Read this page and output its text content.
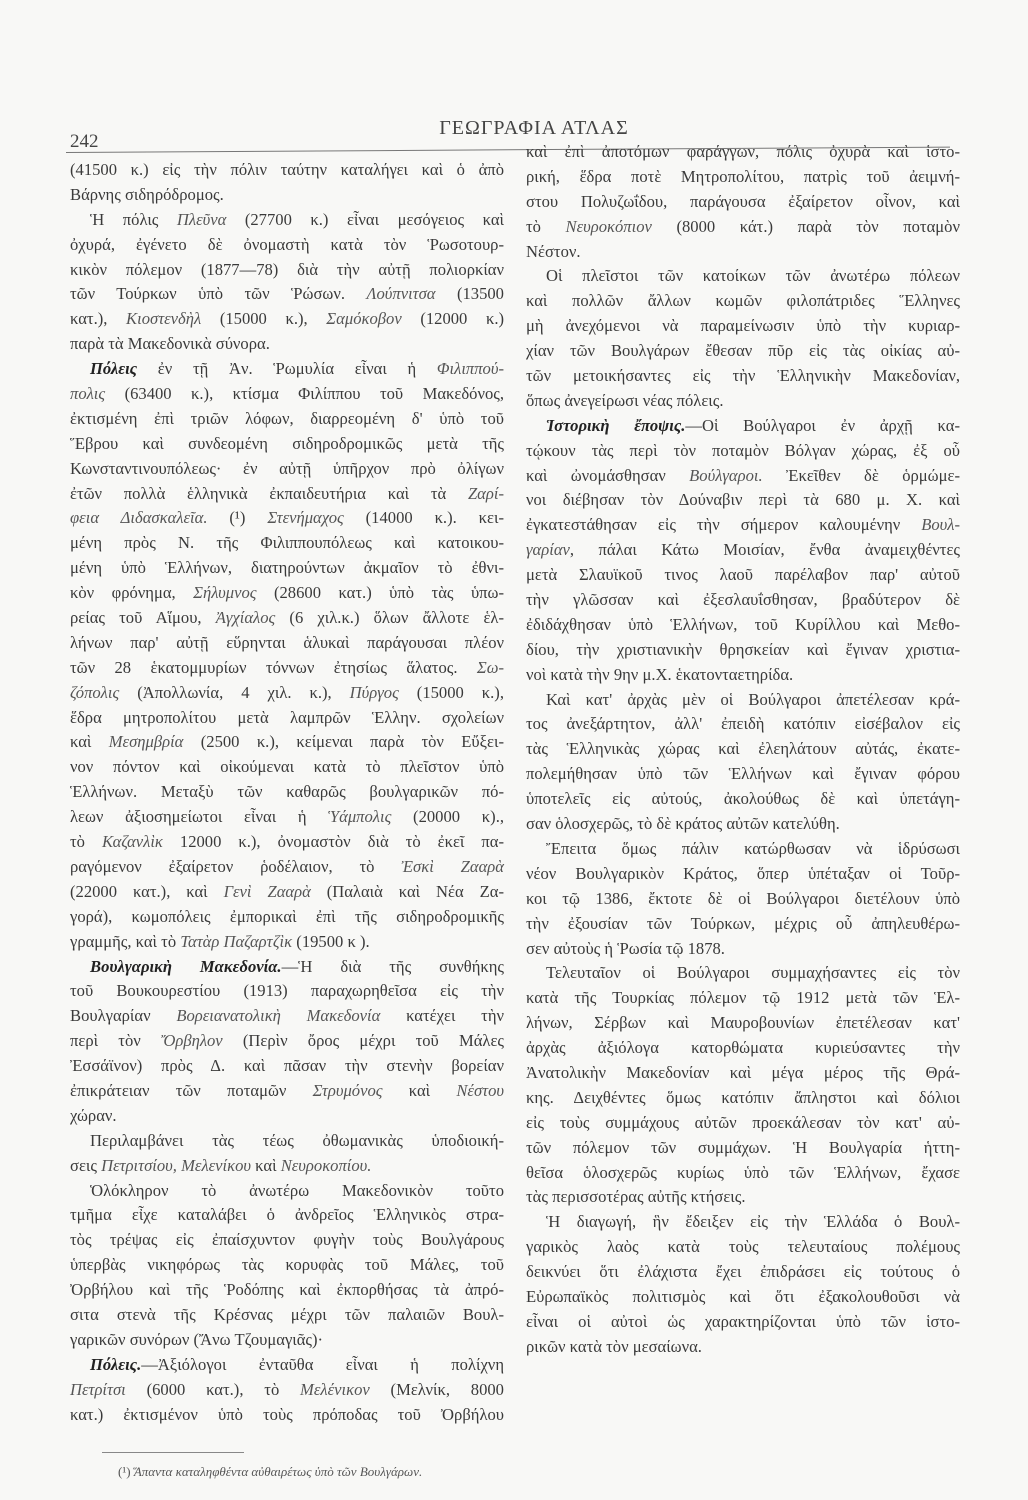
242
ΓΕΩΓΡΑΦΙΑ ΑΤΛΑΣ
(41500 κ.) εἰς τὴν πόλιν ταύτην καταλήγει καὶ ὁ ἀπὸ
Βάρνης σιδηρόδρομος.
Ἡ πόλις Πλεῦνα (27700 κ.) εἶναι μεσόγειος καὶ
ὀχυρά, ἐγένετο δὲ ὀνομαστὴ κατὰ τὸν Ῥωσοτουρ-
κικὸν πόλεμον (1877—78) διὰ τὴν αὐτῇ πολιορκίαν
τῶν Τούρκων ὑπὸ τῶν Ῥώσων. Λούπνιτσα (13500
κατ.), Κιοστενδὴλ (15000 κ.), Σαμόκοβον (12000 κ.)
παρὰ τὰ Μακεδονικὰ σύνορα.
Πόλεις ἐν τῇ Ἀν. Ῥωμυλία εἶναι ἡ Φιλιππού-
πολις (63400 κ.), κτίσμα Φιλίππου τοῦ Μακεδόνος,
ἐκτισμένη ἐπὶ τριῶν λόφων, διαρρεομένη δ' ὑπὸ τοῦ
Ἕβρου καὶ συνδεομένη σιδηροδρομικῶς μετὰ τῆς
Κωνσταντινουπόλεως· ἐν αὐτῇ ὑπῆρχον πρὸ ὀλίγων
ἐτῶν πολλὰ ἑλληνικὰ ἐκπαιδευτήρια καὶ τὰ Ζαρί-
φεια Διδασκαλεῖα. (¹) Στενήμαχος (14000 κ.). κει-
μένη πρὸς Ν. τῆς Φιλιππουπόλεως καὶ κατοικου-
μένη ὑπὸ Ἑλλήνων, διατηρούντων ἀκμαῖον τὸ ἐθνι-
κὸν φρόνημα, Σήλυμνος (28600 κατ.) ὑπὸ τὰς ὑπω-
ρείας τοῦ Αἵμου, Ἀγχίαλος (6 χιλ.κ.) ὅλων ἄλλοτε ἑλ-
λήνων παρ' αὐτῇ εὕρηνται ἁλυκαὶ παράγουσαι πλέον
τῶν 28 ἑκατομμυρίων τόννων ἐτησίως ἅλατος. Σω-
ζόπολις (Ἀπολλωνία, 4 χιλ. κ.), Πύργος (15000 κ.),
ἕδρα μητροπολίτου μετὰ λαμπρῶν Ἑλλην. σχολείων
καὶ Μεσημβρία (2500 κ.), κείμεναι παρὰ τὸν Εὔξει-
νον πόντον καὶ οἰκούμεναι κατὰ τὸ πλεῖστον ὑπὸ
Ἑλλήνων. Μεταξὺ τῶν καθαρῶς βουλγαρικῶν πό-
λεων ἀξιοσημείωτοι εἶναι ἡ Ὑάμπολις (20000 κ).,
τὸ Καζανλὶκ 12000 κ.), ὀνομαστὸν διὰ τὸ ἐκεῖ πα-
ραγόμενον ἐξαίρετον ῥοδέλαιον, τὸ Ἐσκὶ Ζααρὰ
(22000 κατ.), καὶ Γενὶ Ζααρὰ (Παλαιὰ καὶ Νέα Ζα-
γορά), κωμοπόλεις ἐμπορικαὶ ἐπὶ τῆς σιδηροδρομικῆς
γραμμῆς, καὶ τὸ Τατὰρ Παζαρτζὶκ (19500 κ ).
Βουλγαρικὴ Μακεδονία.—Ἡ διὰ τῆς συνθήκης
τοῦ Βουκουρεστίου (1913) παραχωρηθεῖσα εἰς τὴν
Βουλγαρίαν Βορειανατολικὴ Μακεδονία κατέχει τὴν
περὶ τὸν Ὄρβηλον (Περὶν ὄρος μέχρι τοῦ Μάλες
Ἐσσάϊνον) πρὸς Δ. καὶ πᾶσαν τὴν στενὴν βορείαν
ἐπικράτειαν τῶν ποταμῶν Στρυμόνος καὶ Νέστου
χώραν.
Περιλαμβάνει τὰς τέως ὀθωμανικὰς ὑποδιοική-
σεις Πετριτσίου, Μελενίκου καὶ Νευροκοπίου.
Ὁλόκληρον τὸ ἀνωτέρω Μακεδονικὸν τοῦτο
τμῆμα εἶχε καταλάβει ὁ ἀνδρεῖος Ἑλληνικὸς στρα-
τὸς τρέψας εἰς ἐπαίσχυντον φυγὴν τοὺς Βουλγάρους
ὑπερβὰς νικηφόρως τὰς κορυφὰς τοῦ Μάλες, τοῦ
Ὀρβήλου καὶ τῆς Ῥοδόπης καὶ ἐκπορθήσας τὰ ἀπρό-
σιτα στενὰ τῆς Κρέσνας μέχρι τῶν παλαιῶν Βουλ-
γαρικῶν συνόρων (Ἄνω Τζουμαγιᾶς)·
Πόλεις.—Ἀξιόλογοι ἐνταῦθα εἶναι ἡ πολίχνη
Πετρίτσι (6000 κατ.), τὸ Μελένικον (Μελνίκ, 8000
κατ.) ἐκτισμένον ὑπὸ τοὺς πρόποδας τοῦ Ὀρβήλου
καὶ ἐπὶ ἀποτόμων φαράγγων, πόλις ὀχυρὰ καὶ ἱστο-
ρική, ἕδρα ποτὲ Μητροπολίτου, πατρὶς τοῦ ἀειμνή-
στου Πολυζωΐδου, παράγουσα ἐξαίρετον οἶνον, καὶ
τὸ Νευροκόπιον (8000 κάτ.) παρὰ τὸν ποταμὸν
Νέστον.
Οἱ πλεῖστοι τῶν κατοίκων τῶν ἀνωτέρω πόλεων
καὶ πολλῶν ἄλλων κωμῶν φιλοπάτριδες Ἕλληνες
μὴ ἀνεχόμενοι νὰ παραμείνωσιν ὑπὸ τὴν κυριαρ-
χίαν τῶν Βουλγάρων ἔθεσαν πῦρ εἰς τὰς οἰκίας αὐ-
τῶν μετοικήσαντες εἰς τὴν Ἑλληνικὴν Μακεδονίαν,
ὅπως ἀνεγείρωσι νέας πόλεις.
Ἱστορικὴ ἔποψις.—Οἱ Βούλγαροι ἐν ἀρχῇ κα-
τῴκουν τὰς περὶ τὸν ποταμὸν Βόλγαν χώρας, ἐξ οὗ
καὶ ὠνομάσθησαν Βούλγαροι. Ἐκεῖθεν δὲ ὁρμώμε-
νοι διέβησαν τὸν Δούναβιν περὶ τὰ 680 μ. Χ. καὶ
ἐγκατεστάθησαν εἰς τὴν σήμερον καλουμένην Βουλ-
γαρίαν, πάλαι Κάτω Μοισίαν, ἔνθα ἀναμειχθέντες
μετὰ Σλαυϊκοῦ τινος λαοῦ παρέλαβον παρ' αὐτοῦ
τὴν γλῶσσαν καὶ ἐξεσλαυΐσθησαν, βραδύτερον δὲ
ἐδιδάχθησαν ὑπὸ Ἑλλήνων, τοῦ Κυρίλλου καὶ Μεθο-
δίου, τὴν χριστιανικὴν θρησκείαν καὶ ἔγιναν χριστια-
νοὶ κατὰ τὴν 9ην μ.Χ. ἑκατονταετηρίδα.
Καὶ κατ' ἀρχὰς μὲν οἱ Βούλγαροι ἀπετέλεσαν κρά-
τος ἀνεξάρτητον, ἀλλ' ἐπειδὴ κατόπιν εἰσέβαλον εἰς
τὰς Ἑλληνικὰς χώρας καὶ ἐλεηλάτουν αὐτάς, ἐκατε-
πολεμήθησαν ὑπὸ τῶν Ἑλλήνων καὶ ἔγιναν φόρου
ὑποτελεῖς εἰς αὐτούς, ἀκολούθως δὲ καὶ ὑπετάγη-
σαν ὁλοσχερῶς, τὸ δὲ κράτος αὐτῶν κατελύθη.
Ἔπειτα ὅμως πάλιν κατώρθωσαν νὰ ἱδρύσωσι
νέον Βουλγαρικὸν Κράτος, ὅπερ ὑπέταξαν οἱ Τοῦρ-
κοι τῷ 1386, ἔκτοτε δὲ οἱ Βούλγαροι διετέλουν ὑπὸ
τὴν ἐξουσίαν τῶν Τούρκων, μέχρις οὗ ἀπηλευθέρω-
σεν αὐτοὺς ἡ Ῥωσία τῷ 1878.
Τελευταῖον οἱ Βούλγαροι συμμαχήσαντες εἰς τὸν
κατὰ τῆς Τουρκίας πόλεμον τῷ 1912 μετὰ τῶν Ἑλ-
λήνων, Σέρβων καὶ Μαυροβουνίων ἐπετέλεσαν κατ'
ἀρχὰς ἀξιόλογα κατορθώματα κυριεύσαντες τὴν
Ἀνατολικὴν Μακεδονίαν καὶ μέγα μέρος τῆς Θρά-
κης. Δειχθέντες ὅμως κατόπιν ἄπληστοι καὶ δόλιοι
εἰς τοὺς συμμάχους αὐτῶν προεκάλεσαν τὸν κατ' αὐ-
τῶν πόλεμον τῶν συμμάχων. Ἡ Βουλγαρία ἡττη-
θεῖσα ὁλοσχερῶς κυρίως ὑπὸ τῶν Ἑλλήνων, ἔχασε
τὰς περισσοτέρας αὐτῆς κτήσεις.
Ἡ διαγωγή, ἣν ἔδειξεν εἰς τὴν Ἑλλάδα ὁ Βουλ-
γαρικὸς λαὸς κατὰ τοὺς τελευταίους πολέμους
δεικνύει ὅτι ἐλάχιστα ἔχει ἐπιδράσει εἰς τούτους ὁ
Εὐρωπαϊκὸς πολιτισμὸς καὶ ὅτι ἐξακολουθοῦσι νὰ
εἶναι οἱ αὐτοὶ ὡς χαρακτηρίζονται ὑπὸ τῶν ἱστο-
ρικῶν κατὰ τὸν μεσαίωνα.
(¹) Ἅπαντα καταληφθέντα αὐθαιρέτως ὑπὸ τῶν Βουλγάρων.
